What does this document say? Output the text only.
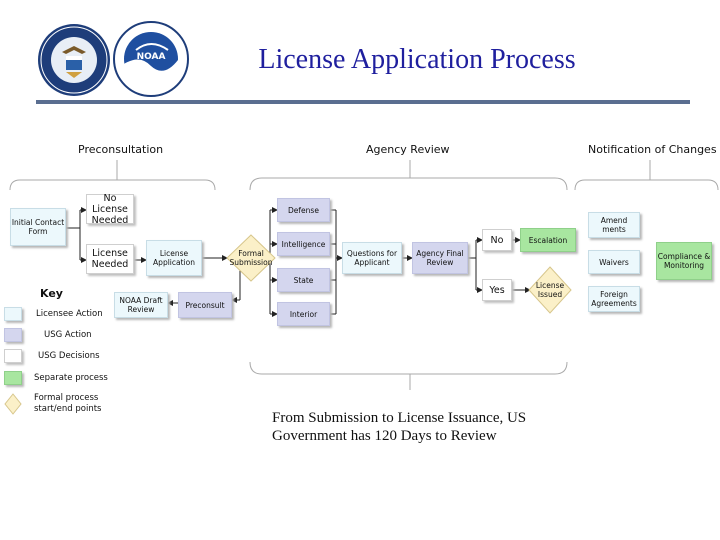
NOAA	License Application Process
Preconsultation	Agency Review	Notification of Changes
Initial Contact Form
No License Needed
License Needed
License Application
Formal Submission
NOAA Draft Review	Preconsult
Defense
Intelligence
State
Interior
Questions for Applicant
Agency Final Review
No
Yes
Escalation
License Issued
Amend ments
Waivers
Foreign Agreements
Compliance & Monitoring
Key
Licensee Action
USG Action
USG Decisions
Separate process
Formal process start/end points
From Submission to License Issuance, US Government has 120 Days to Review
